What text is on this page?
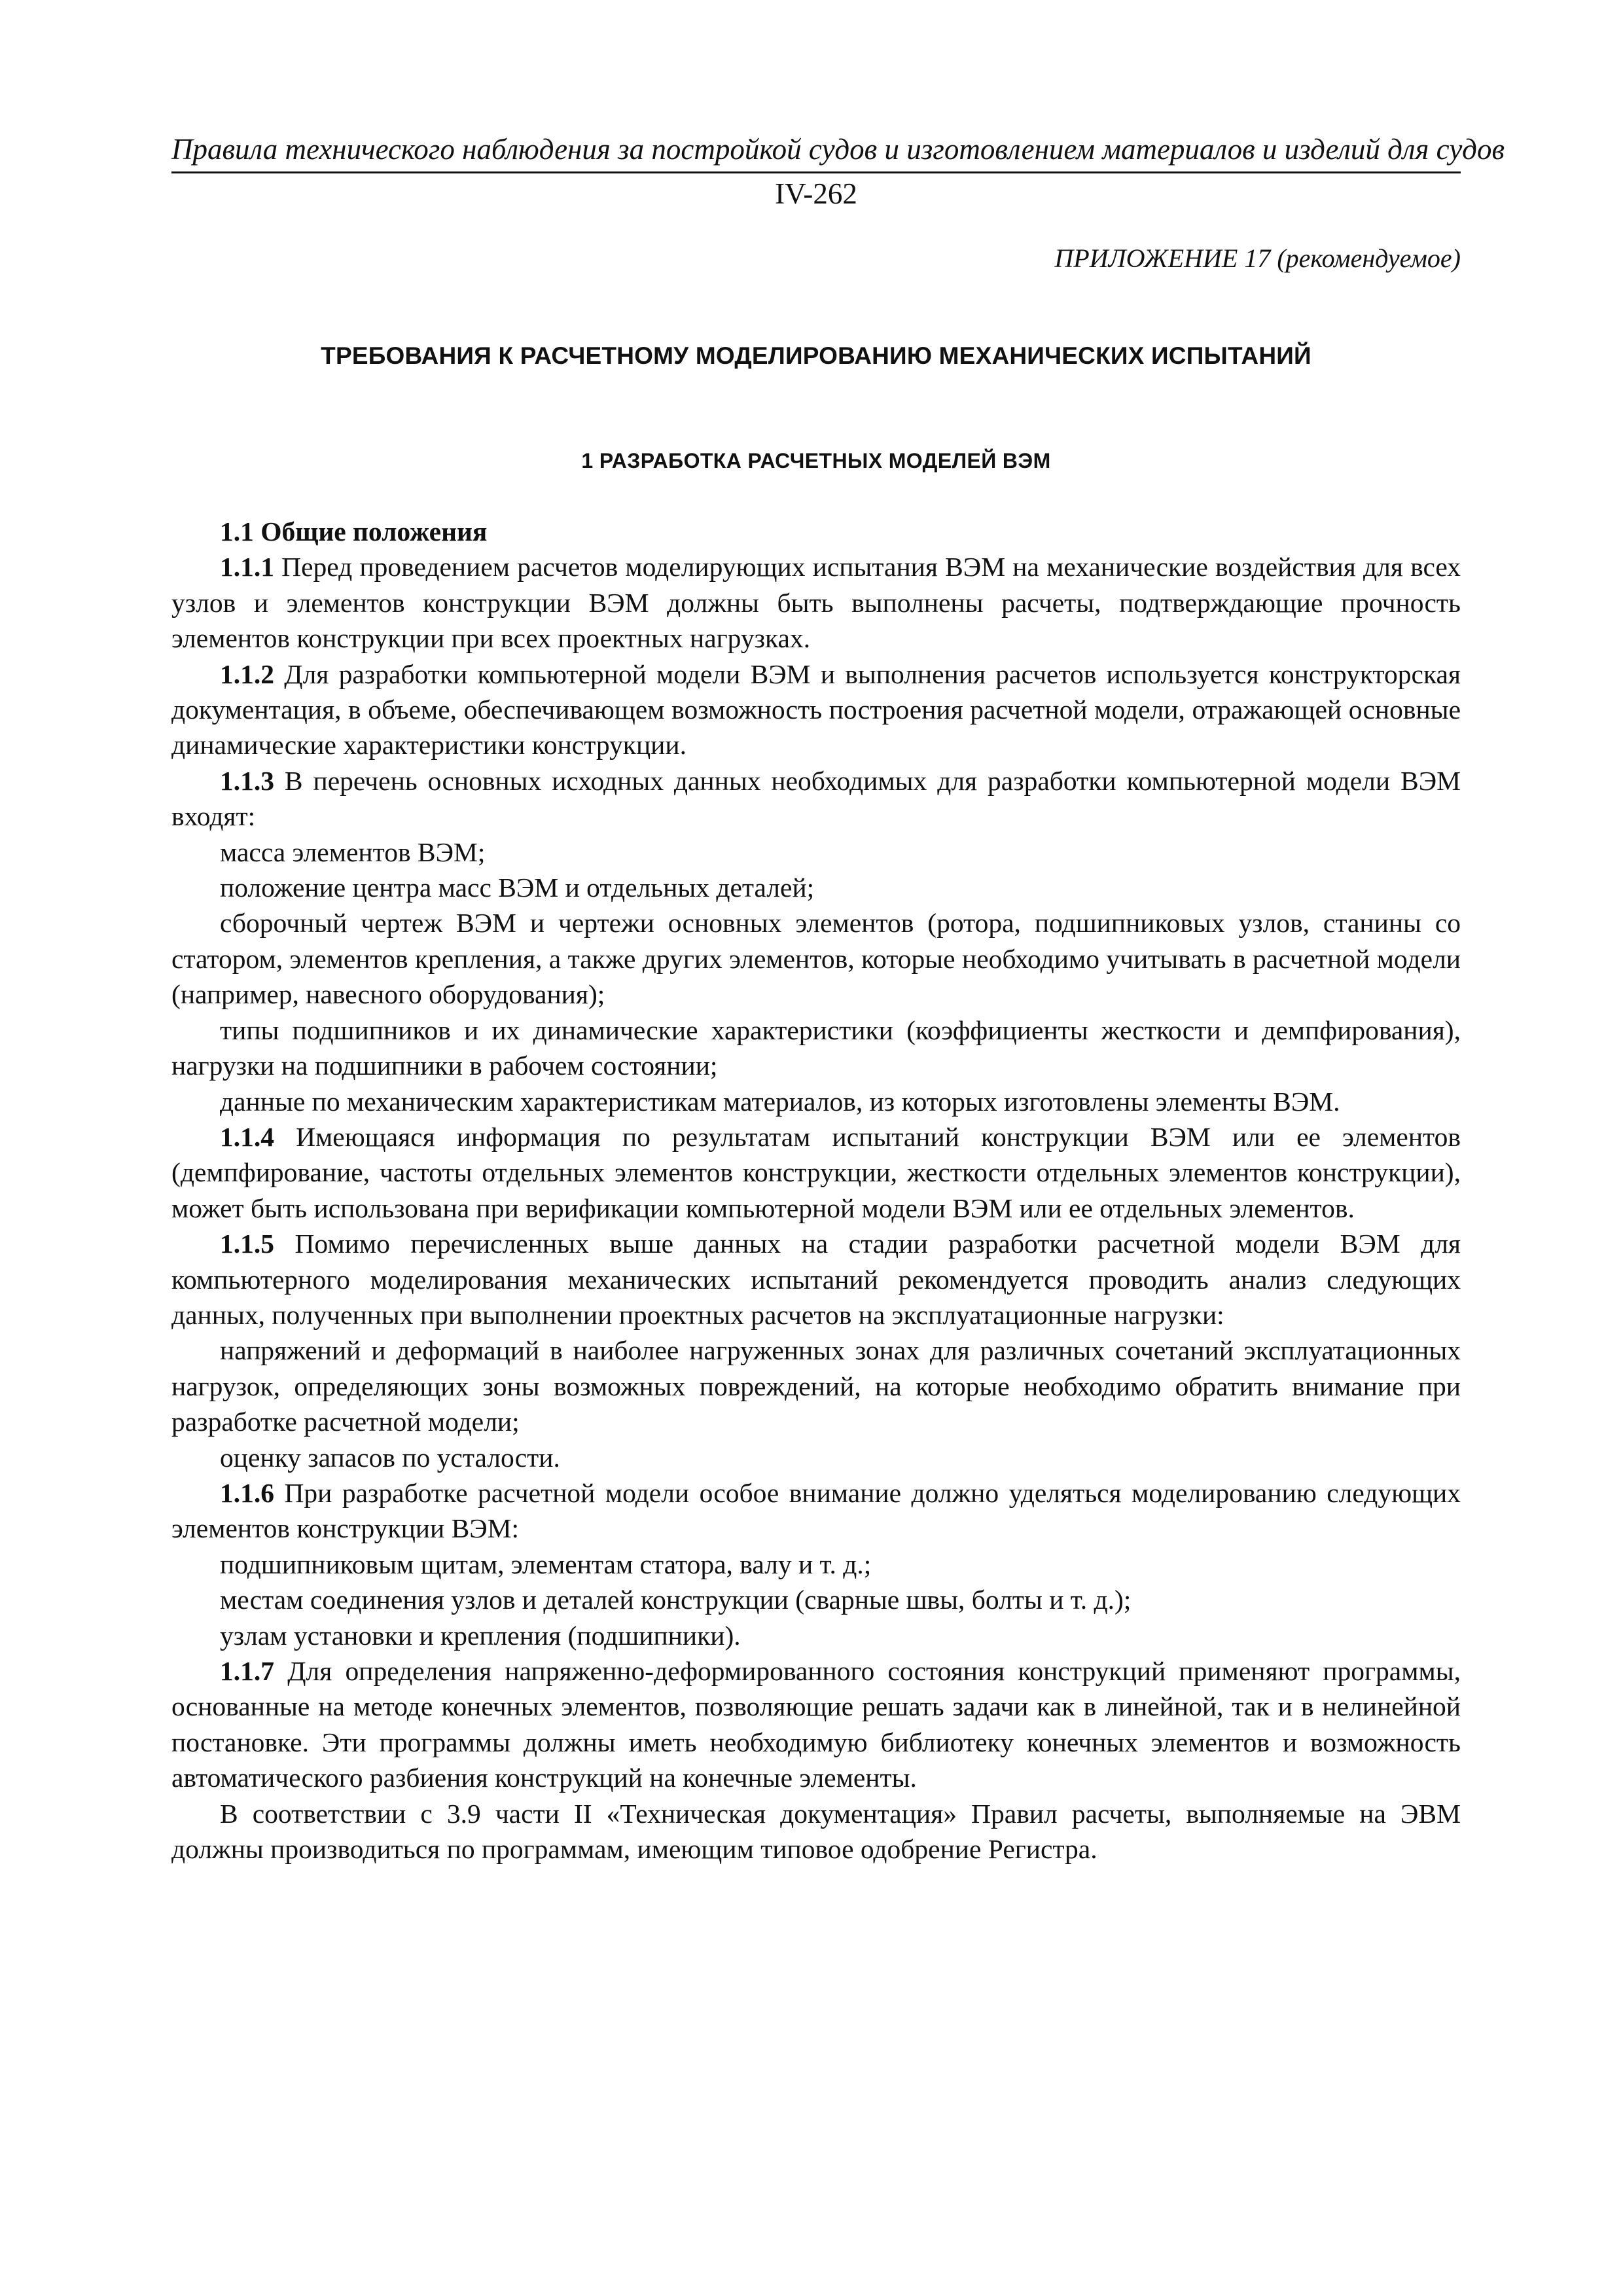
Правила технического наблюдения за постройкой судов и изготовлением материалов и изделий для судов
IV-262
ПРИЛОЖЕНИЕ 17 (рекомендуемое)
ТРЕБОВАНИЯ К РАСЧЕТНОМУ МОДЕЛИРОВАНИЮ МЕХАНИЧЕСКИХ ИСПЫТАНИЙ
1 РАЗРАБОТКА РАСЧЕТНЫХ МОДЕЛЕЙ ВЭМ

1.1 Общие положения

1.1.1 Перед проведением расчетов моделирующих испытания ВЭМ на механические воздействия для всех узлов и элементов конструкции ВЭМ должны быть выполнены расчеты, подтверждающие прочность элементов конструкции при всех проектных нагрузках.

1.1.2 Для разработки компьютерной модели ВЭМ и выполнения расчетов используется конструкторская документация, в объеме, обеспечивающем возможность построения расчетной модели, отражающей основные динамические характеристики конструкции.

1.1.3 В перечень основных исходных данных необходимых для разработки компьютерной модели ВЭМ входят:

масса элементов ВЭМ;

положение центра масс ВЭМ и отдельных деталей;

сборочный чертеж ВЭМ и чертежи основных элементов (ротора, подшипниковых узлов, станины со статором, элементов крепления, а также других элементов, которые необходимо учитывать в расчетной модели (например, навесного оборудования);

типы подшипников и их динамические характеристики (коэффициенты жесткости и демпфирования), нагрузки на подшипники в рабочем состоянии;

данные по механическим характеристикам материалов, из которых изготовлены элементы ВЭМ.

1.1.4 Имеющаяся информация по результатам испытаний конструкции ВЭМ или ее элементов (демпфирование, частоты отдельных элементов конструкции, жесткости отдельных элементов конструкции), может быть использована при верификации компьютерной модели ВЭМ или ее отдельных элементов.

1.1.5 Помимо перечисленных выше данных на стадии разработки расчетной модели ВЭМ для компьютерного моделирования механических испытаний рекомендуется проводить анализ следующих данных, полученных при выполнении проектных расчетов на эксплуатационные нагрузки:

напряжений и деформаций в наиболее нагруженных зонах для различных сочетаний эксплуатационных нагрузок, определяющих зоны возможных повреждений, на которые необходимо обратить внимание при разработке расчетной модели;

оценку запасов по усталости.

1.1.6 При разработке расчетной модели особое внимание должно уделяться моделированию следующих элементов конструкции ВЭМ:

подшипниковым щитам, элементам статора, валу и т. д.;

местам соединения узлов и деталей конструкции (сварные швы, болты и т. д.);

узлам установки и крепления (подшипники).

1.1.7 Для определения напряженно-деформированного состояния конструкций применяют программы, основанные на методе конечных элементов, позволяющие решать задачи как в линейной, так и в нелинейной постановке. Эти программы должны иметь необходимую библиотеку конечных элементов и возможность автоматического разбиения конструкций на конечные элементы.

В соответствии с 3.9 части II «Техническая документация» Правил расчеты, выполняемые на ЭВМ должны производиться по программам, имеющим типовое одобрение Регистра.
